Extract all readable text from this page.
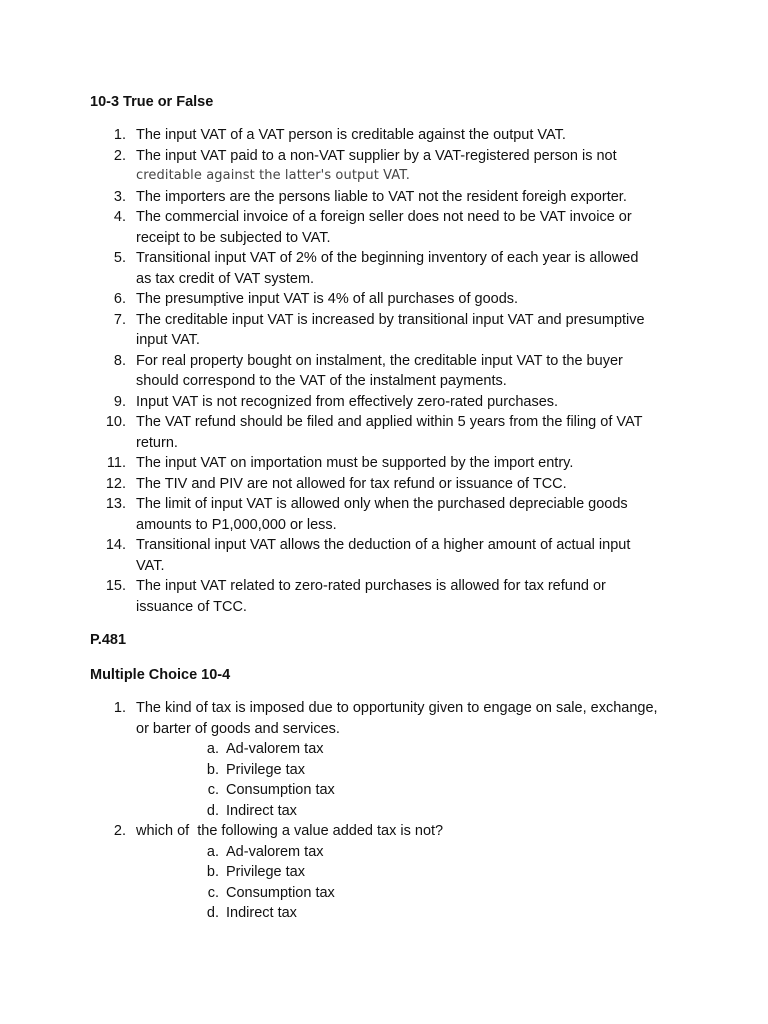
10-3 True or False
1. The input VAT of a VAT person is creditable against the output VAT.
2. The input VAT paid to a non-VAT supplier by a VAT-registered person is not
creditable against the latter's output VAT.
3. The importers are the persons liable to VAT not the resident foreigh exporter.
4. The commercial invoice of a foreign seller does not need to be VAT invoice or
receipt to be subjected to VAT.
5. Transitional input VAT of 2% of the beginning inventory of each year is allowed
as tax credit of VAT system.
6. The presumptive input VAT is 4% of all purchases of goods.
7. The creditable input VAT is increased by transitional input VAT and presumptive
input VAT.
8. For real property bought on instalment, the creditable input VAT to the buyer
should correspond to the VAT of the instalment payments.
9. Input VAT is not recognized from effectively zero-rated purchases.
10. The VAT refund should be filed and applied within 5 years from the filing of VAT
return.
11. The input VAT on importation must be supported by the import entry.
12. The TIV and PIV are not allowed for tax refund or issuance of TCC.
13. The limit of input VAT is allowed only when the purchased depreciable goods
amounts to P1,000,000 or less.
14. Transitional input VAT allows the deduction of a higher amount of actual input
VAT.
15. The input VAT related to zero-rated purchases is allowed for tax refund or
issuance of TCC.
P.481
Multiple Choice 10-4
1. The kind of tax is imposed due to opportunity given to engage on sale, exchange,
or barter of goods and services.
a. Ad-valorem tax
b. Privilege tax
c. Consumption tax
d. Indirect tax
2. which of  the following a value added tax is not?
a. Ad-valorem tax
b. Privilege tax
c. Consumption tax
d. Indirect tax
